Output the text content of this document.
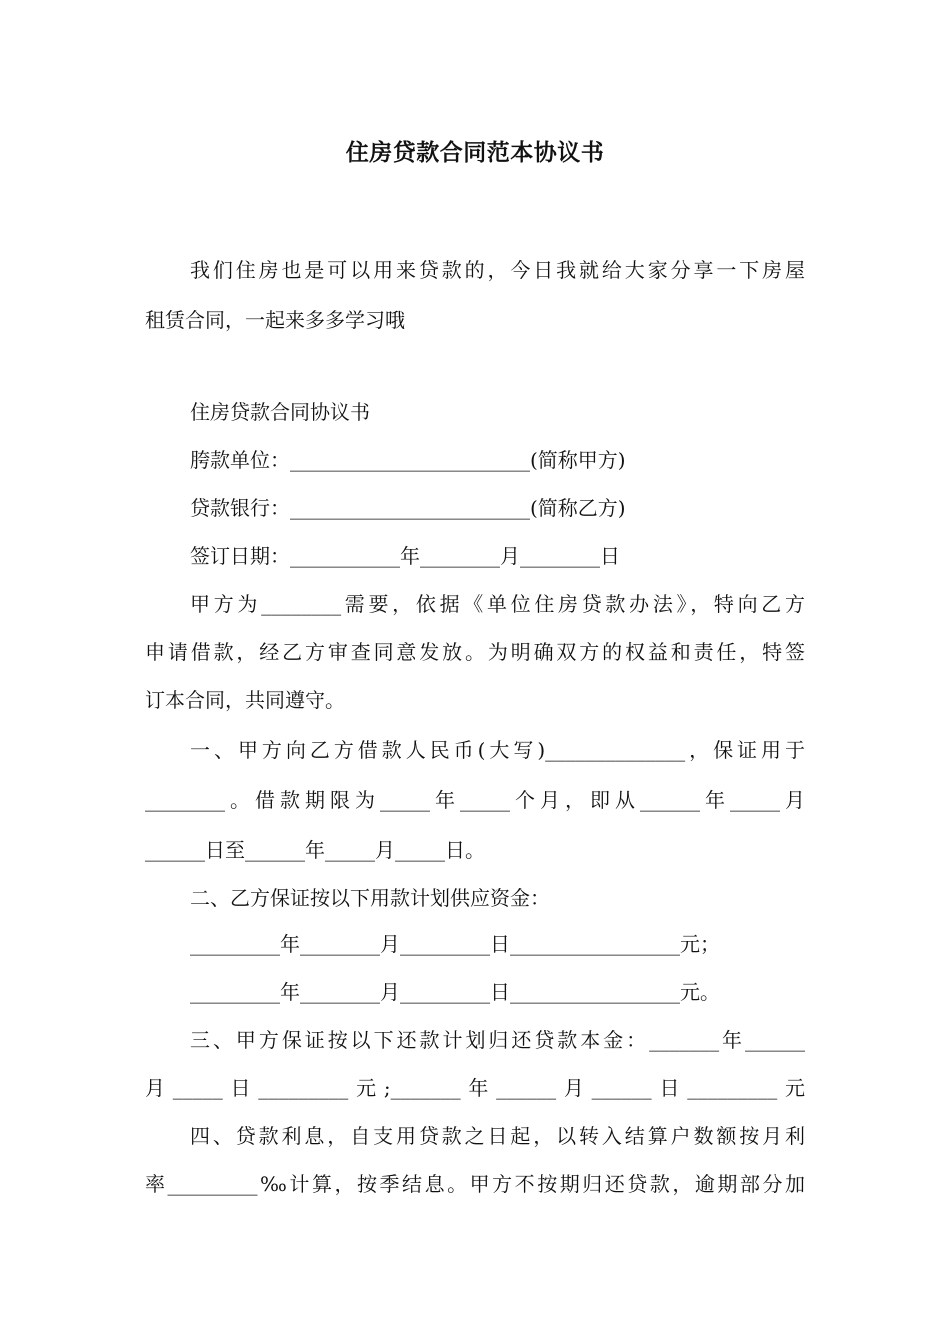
住房贷款合同范本协议书
我们住房也是可以用来贷款的，今日我就给大家分享一下房屋
租赁合同，一起来多多学习哦
住房贷款合同协议书
胯款单位：________________________(简称甲方)
贷款银行：________________________(简称乙方)
签订日期：___________年________月________日
甲方为________需要，依据《单位住房贷款办法》，特向乙方
申请借款，经乙方审查同意发放。为明确双方的权益和责任，特签
订本合同，共同遵守。
一、甲方向乙方借款人民币(大写)______________，保证用于
________。借款期限为_____年_____个月，即从______年_____月
______日至______年_____月_____日。
二、乙方保证按以下用款计划供应资金：
_________年________月_________日_________________元；
_________年________月_________日_________________元。
三、甲方保证按以下还款计划归还贷款本金：_______年______
月_____日_________元;_______年______月______日_________元
四、贷款利息，自支用贷款之日起，以转入结算户数额按月利
率_________‰计算，按季结息。甲方不按期归还贷款，逾期部分加
